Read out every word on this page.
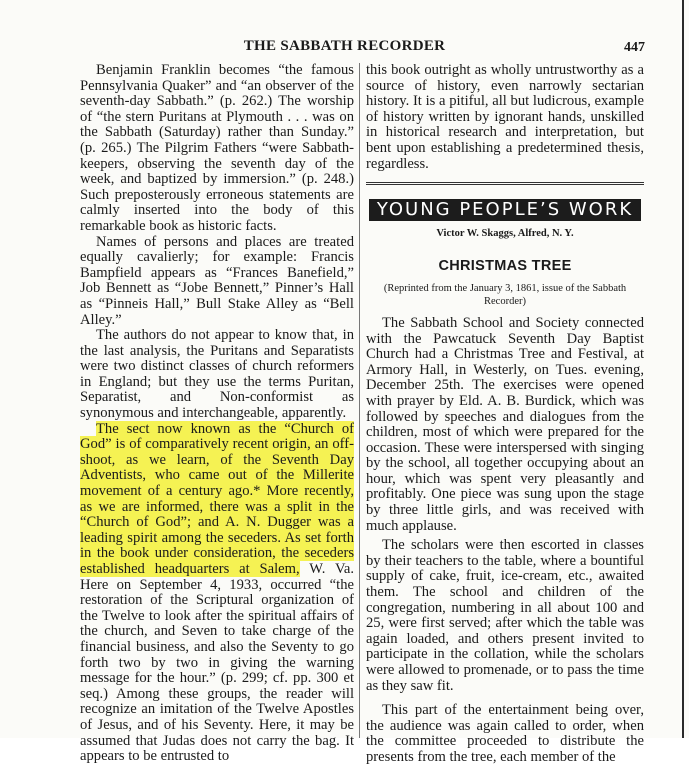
THE SABBATH RECORDER	447

Benjamin Franklin becomes “the famous Pennsylvania Quaker” and “an observer of the seventh-day Sabbath.” (p. 262.) The worship of “the stern Puritans at Plymouth . . . was on the Sabbath (Saturday) rather than Sunday.” (p. 265.) The Pilgrim Fathers “were Sabbath-keepers, observing the seventh day of the week, and baptized by immersion.” (p. 248.) Such preposterously erroneous statements are calmly inserted into the body of this remarkable book as historic facts.

Names of persons and places are treated equally cavalierly; for example: Francis Bampfield appears as “Frances Banefield,” Job Bennett as “Jobe Bennett,” Pinner’s Hall as “Pinneis Hall,” Bull Stake Alley as “Bell Alley.”

The authors do not appear to know that, in the last analysis, the Puritans and Separatists were two distinct classes of church reformers in England; but they use the terms Puritan, Separatist, and Non-conformist as synonymous and interchangeable, apparently.

The sect now known as the “Church of God” is of comparatively recent origin, an off-shoot, as we learn, of the Seventh Day Adventists, who came out of the Millerite movement of a century ago.* More recently, as we are informed, there was a split in the “Church of God”; and A. N. Dugger was a leading spirit among the seceders. As set forth in the book under consideration, the seceders established headquarters at Salem, W. Va. Here on September 4, 1933, occurred “the restoration of the Scriptural organization of the Twelve to look after the spiritual affairs of the church, and Seven to take charge of the financial business, and also the Seventy to go forth two by two in giving the warning message for the hour.” (p. 299; cf. pp. 300 et seq.) Among these groups, the reader will recognize an imitation of the Twelve Apostles of Jesus, and of his Seventy. Here, it may be assumed that Judas does not carry the bag. It appears to be entrusted to

this book outright as wholly untrustworthy as a source of history, even narrowly sectarian history. It is a pitiful, all but ludicrous, example of history written by ignorant hands, unskilled in historical research and interpretation, but bent upon establishing a predetermined thesis, regardless.

YOUNG PEOPLE’S WORK
Victor W. Skaggs, Alfred, N. Y.
CHRISTMAS TREE
(Reprinted from the January 3, 1861, issue of the Sabbath Recorder)

The Sabbath School and Society connected with the Pawcatuck Seventh Day Baptist Church had a Christmas Tree and Festival, at Armory Hall, in Westerly, on Tues. evening, December 25th. The exercises were opened with prayer by Eld. A. B. Burdick, which was followed by speeches and dialogues from the children, most of which were prepared for the occasion. These were interspersed with singing by the school, all together occupying about an hour, which was spent very pleasantly and profitably. One piece was sung upon the stage by three little girls, and was received with much applause.

The scholars were then escorted in classes by their teachers to the table, where a bountiful supply of cake, fruit, ice-cream, etc., awaited them. The school and children of the congregation, numbering in all about 100 and 25, were first served; after which the table was again loaded, and others present invited to participate in the collation, while the scholars were allowed to promenade, or to pass the time as they saw fit.

This part of the entertainment being over, the audience was again called to order, when the committee proceeded to distribute the presents from the tree, each member of the
